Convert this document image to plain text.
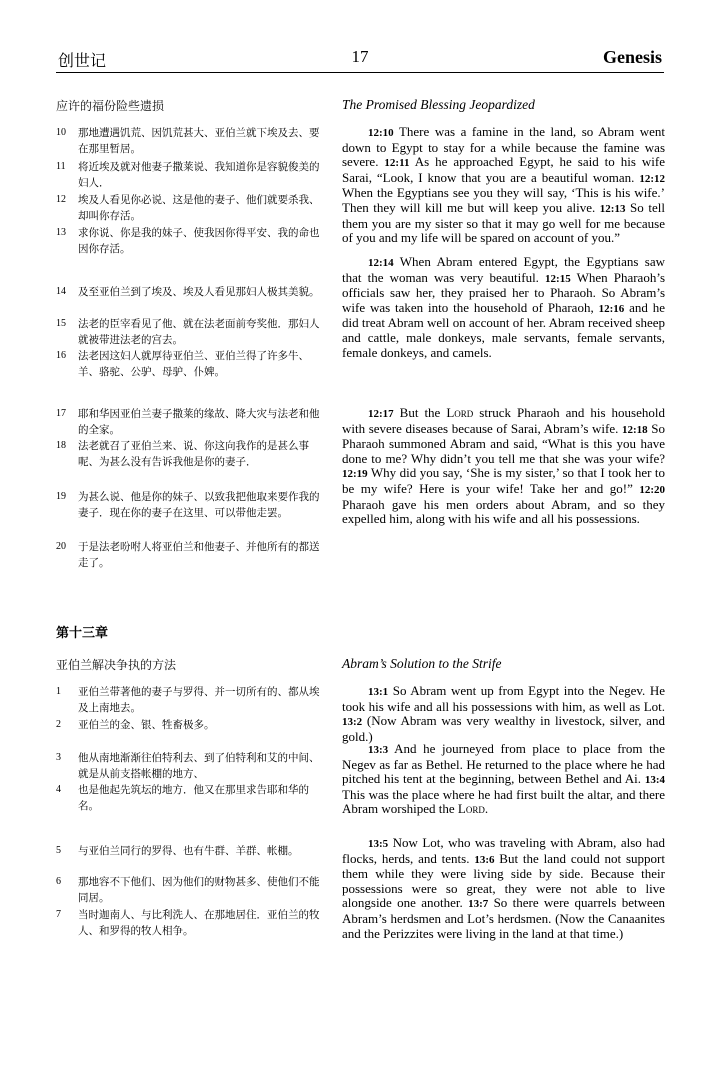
创世记	17	Genesis
应许的福份险些遗损	The Promised Blessing Jeopardized
10	那地遭遇饥荒、因饥荒甚大、亚伯兰就下埃及去、要在那里暂居。
11	将近埃及就对他妻子撒莱说、我知道你是容貌俊美的妇人．
12	埃及人看见你必说、这是他的妻子、他们就要杀我、却叫你存活。
13	求你说、你是我的妹子、使我因你得平安、我的命也因你存活。
14	及至亚伯兰到了埃及、埃及人看见那妇人极其美貌。
15	法老的臣宰看见了他、就在法老面前夸奖他．那妇人就被带进法老的宫去。
16	法老因这妇人就厚待亚伯兰、亚伯兰得了许多牛、羊、骆驼、公驴、母驴、仆婢。
17	耶和华因亚伯兰妻子撒莱的缘故、降大灾与法老和他的全家。
18	法老就召了亚伯兰来、说、你这向我作的是甚么事呢、为甚么没有告诉我他是你的妻子．
19	为甚么说、他是你的妹子、以致我把他取来要作我的妻子．现在你的妻子在这里、可以带他走罢。
20	于是法老吩咐人将亚伯兰和他妻子、并他所有的都送走了。

12:10 There was a famine in the land, so Abram went down to Egypt to stay for a while because the famine was severe. 12:11 As he approached Egypt, he said to his wife Sarai, “Look, I know that you are a beautiful woman. 12:12 When the Egyptians see you they will say, ‘This is his wife.’ Then they will kill me but will keep you alive. 12:13 So tell them you are my sister so that it may go well for me because of you and my life will be spared on account of you.”

12:14 When Abram entered Egypt, the Egyptians saw that the woman was very beautiful. 12:15 When Pharaoh’s officials saw her, they praised her to Pharaoh. So Abram’s wife was taken into the household of Pharaoh, 12:16 and he did treat Abram well on account of her. Abram received sheep and cattle, male donkeys, male servants, female servants, female donkeys, and camels.

12:17 But the Lord struck Pharaoh and his household with severe diseases because of Sarai, Abram’s wife. 12:18 So Pharaoh summoned Abram and said, “What is this you have done to me? Why didn’t you tell me that she was your wife? 12:19 Why did you say, ‘She is my sister,’ so that I took her to be my wife? Here is your wife! Take her and go!” 12:20 Pharaoh gave his men orders about Abram, and so they expelled him, along with his wife and all his possessions.

第十三章
亚伯兰解决争执的方法	Abram’s Solution to the Strife
1	亚伯兰带著他的妻子与罗得、并一切所有的、都从埃及上南地去。
2	亚伯兰的金、银、牲畜极多。
3	他从南地渐渐往伯特利去、到了伯特利和艾的中间、就是从前支搭帐棚的地方、
4	也是他起先筑坛的地方．他又在那里求告耶和华的名。
5	与亚伯兰同行的罗得、也有牛群、羊群、帐棚。
6	那地容不下他们、因为他们的财物甚多、使他们不能同居。
7	当时迦南人、与比利洗人、在那地居住．亚伯兰的牧人、和罗得的牧人相争。

13:1 So Abram went up from Egypt into the Negev. He took his wife and all his possessions with him, as well as Lot. 13:2 (Now Abram was very wealthy in livestock, silver, and gold.)

13:3 And he journeyed from place to place from the Negev as far as Bethel. He returned to the place where he had pitched his tent at the beginning, between Bethel and Ai. 13:4 This was the place where he had first built the altar, and there Abram worshiped the Lord.

13:5 Now Lot, who was traveling with Abram, also had flocks, herds, and tents. 13:6 But the land could not support them while they were living side by side. Because their possessions were so great, they were not able to live alongside one another. 13:7 So there were quarrels between Abram’s herdsmen and Lot’s herdsmen. (Now the Canaanites and the Perizzites were living in the land at that time.)
